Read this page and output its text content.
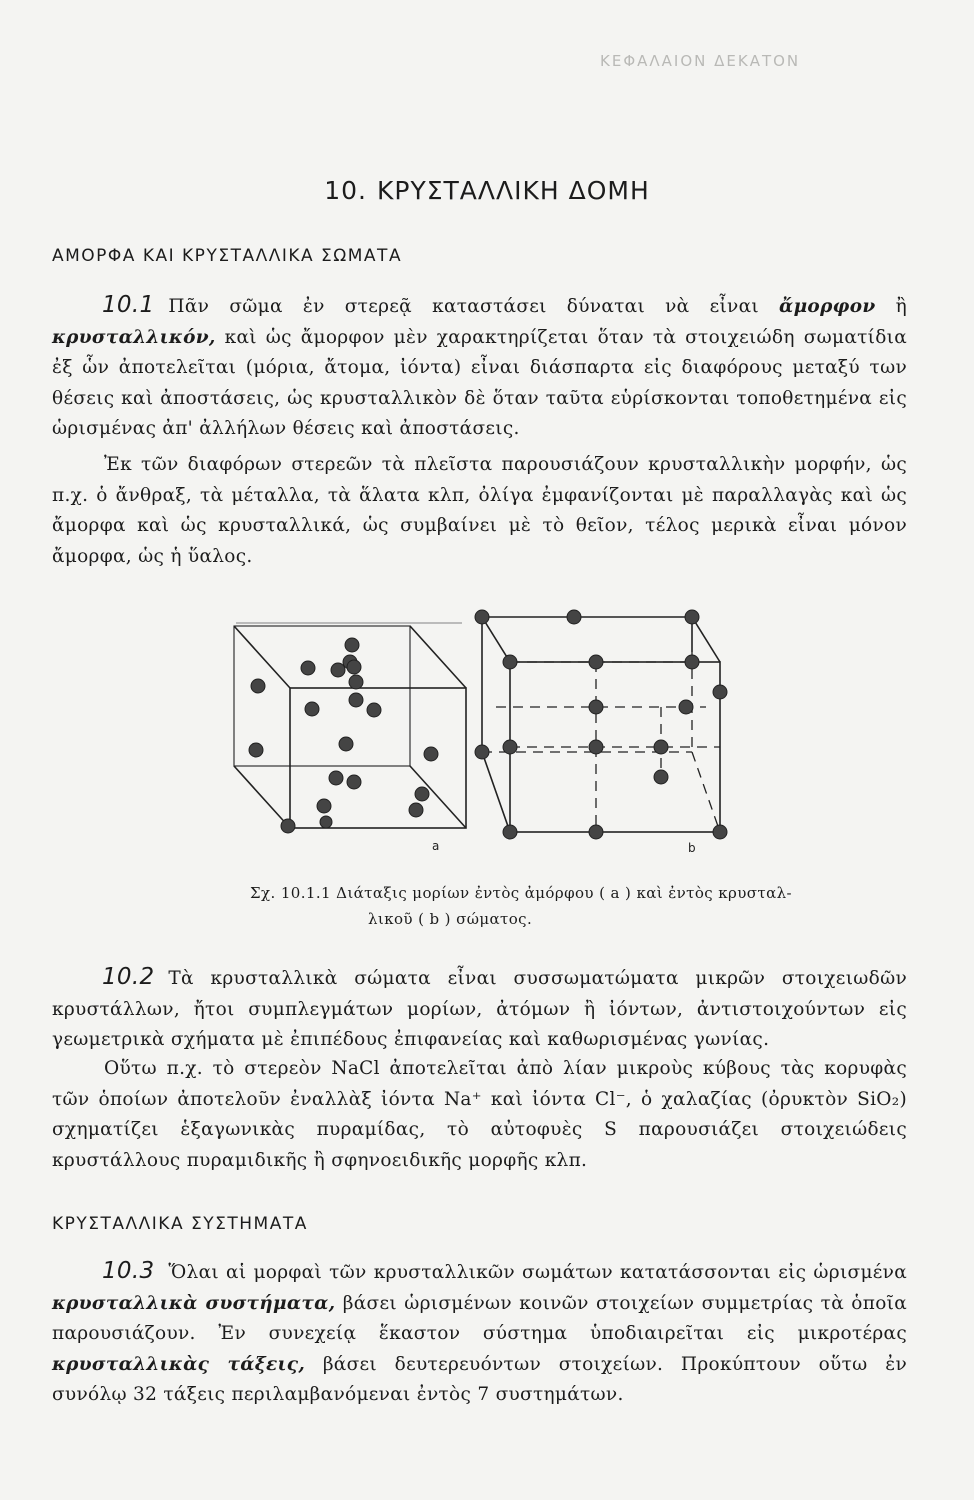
ΚΕΦΑΛΑΙΟΝ ΔΕΚΑΤΟΝ
10. ΚΡΥΣΤΑΛΛΙΚΗ ΔΟΜΗ
ΑΜΟΡΦΑ ΚΑΙ ΚΡΥΣΤΑΛΛΙΚΑ ΣΩΜΑΤΑ

10.1 Πᾶν σῶμα ἐν στερεᾷ καταστάσει δύναται νὰ εἶναι ἄμορφον ἢ κρυσταλλικόν, καὶ ὡς ἄμορφον μὲν χαρακτηρίζεται ὅταν τὰ στοιχειώδη σωματίδια ἐξ ὧν ἀποτελεῖται (μόρια, ἄτομα, ἰόντα) εἶναι διάσπαρτα εἰς διαφόρους μεταξύ των θέσεις καὶ ἀποστάσεις, ὡς κρυσταλλικὸν δὲ ὅταν ταῦτα εὑρίσκονται τοποθετημένα εἰς ὡρισμένας ἀπ' ἀλλήλων θέσεις καὶ ἀποστάσεις.

Ἐκ τῶν διαφόρων στερεῶν τὰ πλεῖστα παρουσιάζουν κρυσταλλικὴν μορφήν, ὡς π.χ. ὁ ἄνθραξ, τὰ μέταλλα, τὰ ἅλατα κλπ, ὀλίγα ἐμφανίζονται μὲ παραλλαγὰς καὶ ὡς ἄμορφα καὶ ὡς κρυσταλλικά, ὡς συμβαίνει μὲ τὸ θεῖον, τέλος μερικὰ εἶναι μόνον ἄμορφα, ὡς ἡ ὕαλος.

a	b
Σχ. 10.1.1 Διάταξις μορίων ἐντὸς ἀμόρφου ( a ) καὶ ἐντὸς κρυσταλ-
λικοῦ ( b ) σώματος.

10.2 Τὰ κρυσταλλικὰ σώματα εἶναι συσσωματώματα μικρῶν στοιχειωδῶν κρυστάλλων, ἤτοι συμπλεγμάτων μορίων, ἀτόμων ἢ ἰόντων, ἀντιστοιχούντων εἰς γεωμετρικὰ σχήματα μὲ ἐπιπέδους ἐπιφανείας καὶ καθωρισμένας γωνίας.

Οὕτω π.χ. τὸ στερεὸν NaCl ἀποτελεῖται ἀπὸ λίαν μικροὺς κύβους τὰς κορυφὰς τῶν ὁποίων ἀποτελοῦν ἐναλλὰξ ἰόντα Na⁺ καὶ ἰόντα Cl⁻, ὁ χαλαζίας (ὀρυκτὸν SiO₂) σχηματίζει ἑξαγωνικὰς πυραμίδας, τὸ αὐτοφυὲς S παρουσιάζει στοιχειώδεις κρυστάλλους πυραμιδικῆς ἢ σφηνοειδικῆς μορφῆς κλπ.

ΚΡΥΣΤΑΛΛΙΚΑ ΣΥΣΤΗΜΑΤΑ

10.3 Ὅλαι αἱ μορφαὶ τῶν κρυσταλλικῶν σωμάτων κατατάσσονται εἰς ὡρισμένα κρυσταλλικὰ συστήματα, βάσει ὡρισμένων κοινῶν στοιχείων συμμετρίας τὰ ὁποῖα παρουσιάζουν. Ἐν συνεχείᾳ ἕκαστον σύστημα ὑποδιαιρεῖται εἰς μικροτέρας κρυσταλλικὰς τάξεις, βάσει δευτερευόντων στοιχείων. Προκύπτουν οὕτω ἐν συνόλῳ 32 τάξεις περιλαμβανόμεναι ἐντὸς 7 συστημάτων.
